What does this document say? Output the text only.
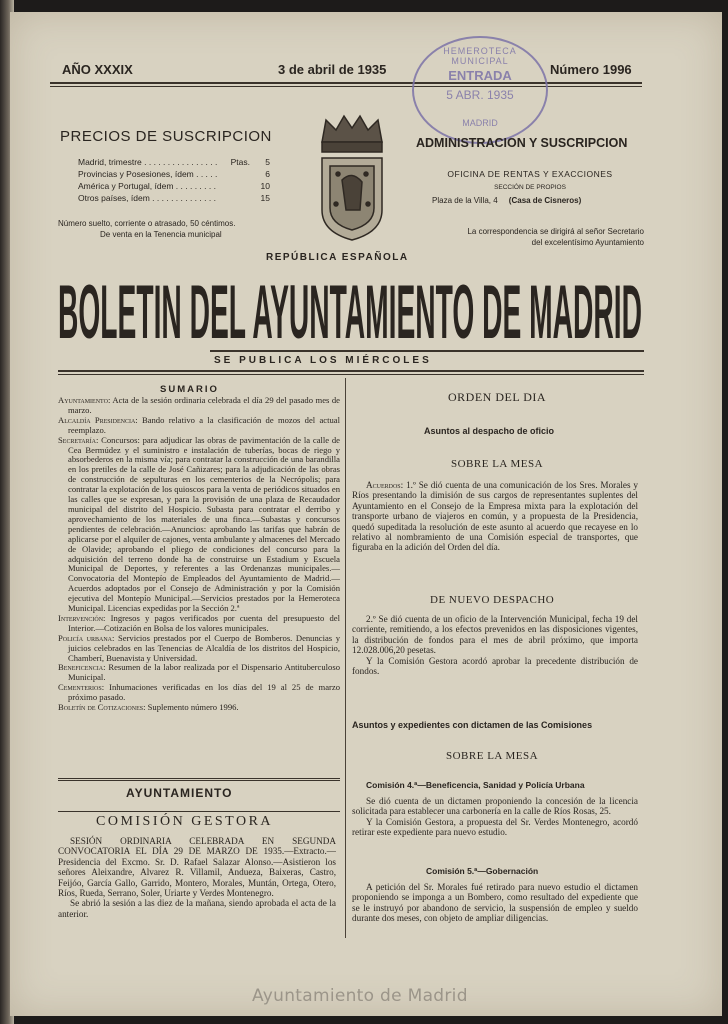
AÑO XXXIX	3 de abril de 1935	Número 1996
HEMEROTECA MUNICIPAL
ENTRADA
5 ABR. 1935
MADRID
PRECIOS DE SUSCRIPCION
Madrid, trimestre . . .	Ptas.	5
Provincias y Posesiones, ídem . . .	6
América y Portugal, ídem . . .	10
Otros países, ídem . . .	15
Número suelto, corriente o atrasado, 50 céntimos.
De venta en la Tenencia municipal
ADMINISTRACION Y SUSCRIPCION
OFICINA DE RENTAS Y EXACCIONES
SECCIÓN DE PROPIOS
Plaza de la Villa, 4 (Casa de Cisneros)
La correspondencia se dirigirá al señor Secretario
del excelentísimo Ayuntamiento
REPÚBLICA ESPAÑOLA
BOLETIN DEL AYUNTAMIENTO DE MADRID
SE PUBLICA LOS MIÉRCOLES
SUMARIO

Ayuntamiento: Acta de la sesión ordinaria celebrada el día 29 del pasado mes de marzo.

Alcaldía Presidencia: Bando relativo a la clasificación de mozos del actual reemplazo.

Secretaría: Concursos: para adjudicar las obras de pavimentación de la calle de Cea Bermúdez y el suministro e instalación de tuberías, bocas de riego y absorbederos en la misma vía; para contratar la construcción de una barandilla en los pretiles de la calle de José Cañizares; para la adjudicación de las obras de construcción de sepulturas en los cementerios de la Necrópolis; para contratar la explotación de los quioscos para la venta de periódicos situados en las calles que se expresan, y para la provisión de una plaza de Recaudador municipal del distrito del Hospicio. Subasta para contratar el derribo y aprovechamiento de los materiales de una finca.—Subastas y concursos pendientes de celebración.—Anuncios: aprobando las tarifas que habrán de aplicarse por el alquiler de cajones, venta ambulante y almacenes del Mercado de Olavide; aprobando el pliego de condiciones del concurso para la adquisición del terreno donde ha de construirse un Estadium y Escuela Municipal de Deportes, y referentes a las Ordenanzas municipales.—Convocatoria del Montepío de Empleados del Ayuntamiento de Madrid.—Acuerdos adoptados por el Consejo de Administración y por la Comisión ejecutiva del Montepío Municipal.—Servicios prestados por la Hemeroteca Municipal. Licencias expedidas por la Sección 2.ª

Intervención: Ingresos y pagos verificados por cuenta del presupuesto del Interior.—Cotización en Bolsa de los valores municipales.

Policía urbana: Servicios prestados por el Cuerpo de Bomberos. Denuncias y juicios celebrados en las Tenencias de Alcaldía de los distritos del Hospicio, Chamberí, Buenavista y Universidad.

Beneficencia: Resumen de la labor realizada por el Dispensario Antituberculoso Municipal.

Cementerios: Inhumaciones verificadas en los días del 19 al 25 de marzo próximo pasado.

Boletín de Cotizaciones: Suplemento número 1996.

AYUNTAMIENTO
COMISIÓN GESTORA

SESIÓN ORDINARIA CELEBRADA EN SEGUNDA CONVOCATORIA EL DÍA 29 DE MARZO DE 1935.—Extracto.—Presidencia del Excmo. Sr. D. Rafael Salazar Alonso.—Asistieron los señores Aleixandre, Alvarez R. Villamil, Andueza, Baixeras, Castro, Feijóo, García Gallo, Garrido, Montero, Morales, Muntán, Ortega, Otero, Ríos, Rueda, Serrano, Soler, Uriarte y Verdes Montenegro.

Se abrió la sesión a las diez de la mañana, siendo aprobada el acta de la anterior.

ORDEN DEL DIA
Asuntos al despacho de oficio
SOBRE LA MESA

Acuerdos: 1.º Se dió cuenta de una comunicación de los Sres. Morales y Ríos presentando la dimisión de sus cargos de representantes suplentes del Ayuntamiento en el Consejo de la Empresa mixta para la explotación del transporte urbano de viajeros en común, y a propuesta de la Presidencia, quedó supeditada la resolución de este asunto al acuerdo que recayese en lo relativo al nombramiento de una Comisión especial de transportes, que figuraba en la adición del Orden del día.

DE NUEVO DESPACHO

2.º Se dió cuenta de un oficio de la Intervención Municipal, fecha 19 del corriente, remitiendo, a los efectos prevenidos en las disposiciones vigentes, la distribución de fondos para el mes de abril próximo, que importa 12.028.006,20 pesetas.

Y la Comisión Gestora acordó aprobar la precedente distribución de fondos.

Asuntos y expedientes con dictamen de las Comisiones
SOBRE LA MESA
Comisión 4.ª—Beneficencia, Sanidad y Policía Urbana

Se dió cuenta de un dictamen proponiendo la concesión de la licencia solicitada para establecer una carbonería en la calle de Ríos Rosas, 25.

Y la Comisión Gestora, a propuesta del Sr. Verdes Montenegro, acordó retirar este expediente para nuevo estudio.

Comisión 5.ª—Gobernación

A petición del Sr. Morales fué retirado para nuevo estudio el dictamen proponiendo se imponga a un Bombero, como resultado del expediente que se le instruyó por abandono de servicio, la suspensión de empleo y sueldo durante dos meses, con objeto de ampliar diligencias.

Ayuntamiento de Madrid
